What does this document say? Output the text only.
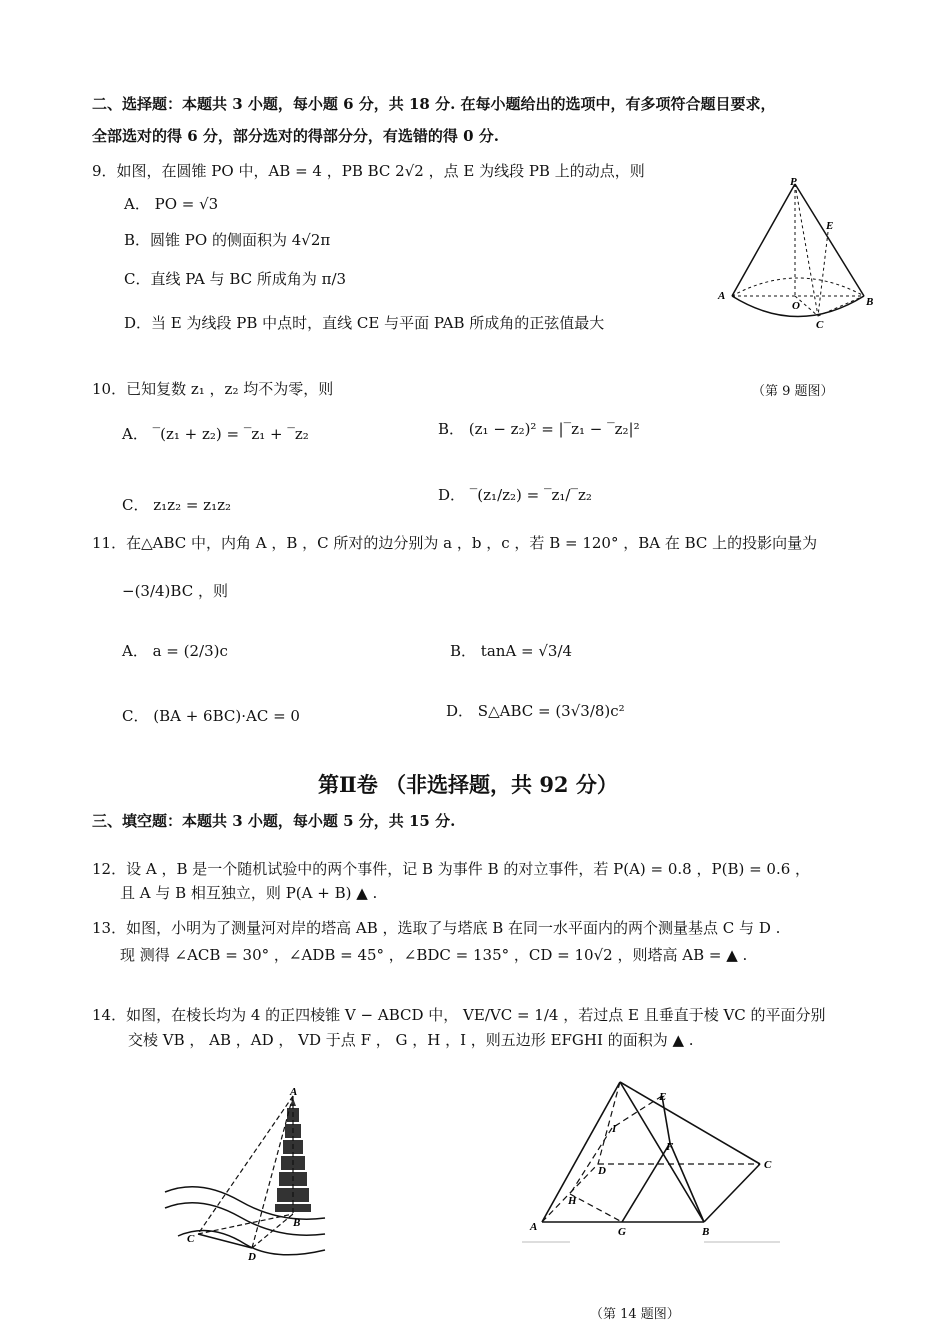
二、选择题：本题共 3 小题，每小题 6 分，共 18 分. 在每小题给出的选项中，有多项符合题目要求，
全部选对的得 6 分，部分选对的得部分分，有选错的得 0 分.
9．如图，在圆锥 PO 中，AB = 4 ，PB BC 2√2 ，点 E 为线段 PB 上的动点，则
A． PO = √3
B．圆锥 PO 的侧面积为 4√2π
C．直线 PA 与 BC 所成角为 π/3
D．当 E 为线段 PB 中点时，直线 CE 与平面 PAB 所成角的正弦值最大
P
E
A
O	B
C
（第 9 题图）
10．已知复数 z₁ ，z₂ 均不为零，则
A． ‾(z₁ + z₂) = ‾z₁ + ‾z₂	B． (z₁ − z₂)² = |‾z₁ − ‾z₂|²
C． z₁z₂ = z₁z₂
D． ‾(z₁/z₂) = ‾z₁/‾z₂
11．在△ABC 中，内角 A ，B ，C 所对的边分别为 a ，b ，c ，若 B = 120° ，BA 在 BC 上的投影向量为
−(3/4)BC ，则
A． a = (2/3)c	B． tanA = √3/4
C． (BA + 6BC)·AC = 0	D． S△ABC = (3√3/8)c²
第Ⅱ卷 （非选择题，共 92 分）
三、填空题：本题共 3 小题，每小题 5 分，共 15 分.
12．设 A ，B 是一个随机试验中的两个事件，记 B 为事件 B 的对立事件，若 P(A) = 0.8 ，P(B) = 0.6 ，
且 A 与 B 相互独立，则 P(A + B) ▲ .
13．如图，小明为了测量河对岸的塔高 AB ，选取了与塔底 B 在同一水平面内的两个测量基点 C 与 D .
现 测得 ∠ACB = 30° ，∠ADB = 45° ，∠BDC = 135° ，CD = 10√2 ，则塔高 AB = ▲ .
14．如图，在棱长均为 4 的正四棱锥 V − ABCD 中， VE/VC = 1/4 ，若过点 E 且垂直于棱 VC 的平面分别
交棱 VB ， AB ，AD ， VD 于点 F ， G ，H ，I ，则五边形 EFGHI 的面积为 ▲ .
A
B
C
D
E
I
F
D	C
H
A	G	B
（第 14 题图）
